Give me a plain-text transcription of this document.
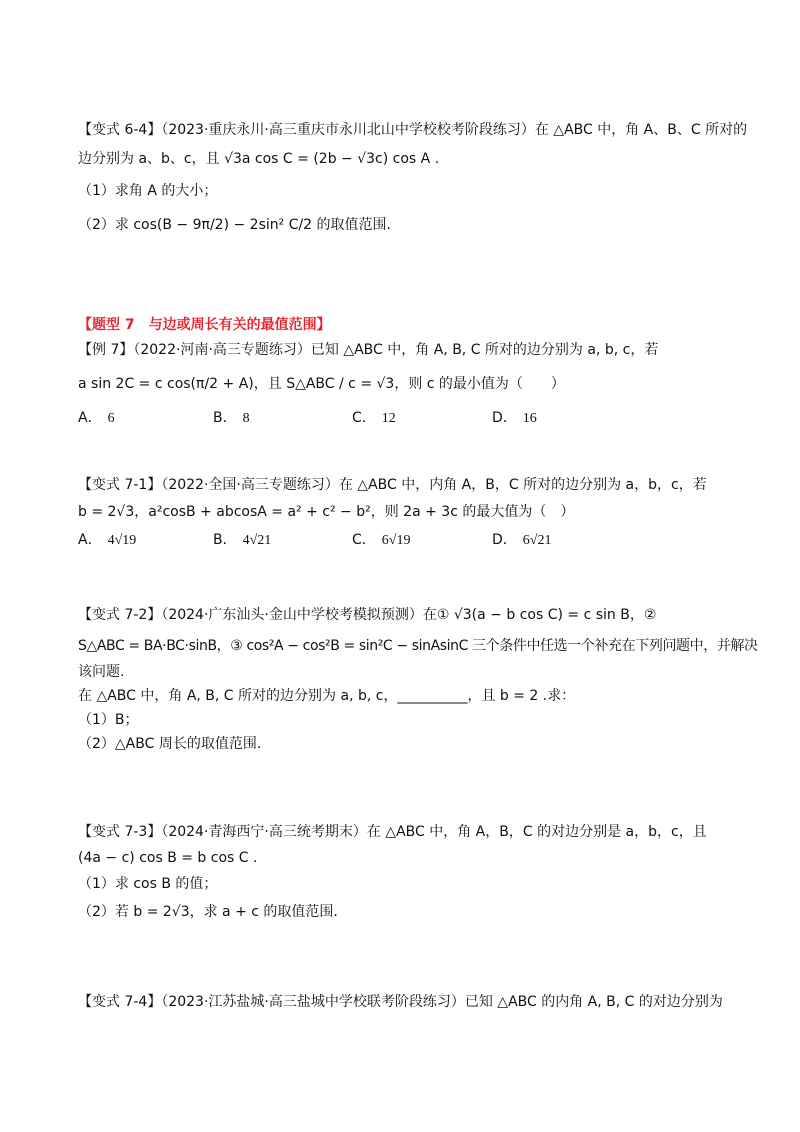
【变式 6-4】（2023·重庆永川·高三重庆市永川北山中学校校考阶段练习）在 △ABC 中，角 A、B、C 所对的
边分别为 a、b、c，且 √3a cos C = (2b − √3c) cos A .
（1）求角 A 的大小；
（2）求 cos(B − 9π/2) − 2sin² C/2 的取值范围.
【题型 7　与边或周长有关的最值范围】
【例 7】（2022·河南·高三专题练习）已知 △ABC 中，角 A, B, C 所对的边分别为 a, b, c，若
a sin 2C = c cos(π/2 + A)，且 S△ABC / c = √3，则 c 的最小值为（　　）
A． 6	B． 8	C． 12	D． 16
【变式 7-1】（2022·全国·高三专题练习）在 △ABC 中，内角 A，B，C 所对的边分别为 a，b，c，若
b = 2√3，a²cosB + abcosA = a² + c² − b²，则 2a + 3c 的最大值为（　）
A． 4√19	B． 4√21	C． 6√19	D． 6√21
【变式 7-2】（2024·广东汕头·金山中学校考模拟预测）在① √3(a − b cos C) = c sin B，②
S△ABC = BA·BC·sinB，③ cos²A − cos²B = sin²C − sinAsinC 三个条件中任选一个补充在下列问题中，并解决
该问题.
在 △ABC 中，角 A, B, C 所对的边分别为 a, b, c，__________，且 b = 2 .求：
（1）B；
（2）△ABC 周长的取值范围.
【变式 7-3】（2024·青海西宁·高三统考期末）在 △ABC 中，角 A，B，C 的对边分别是 a，b，c，且
(4a − c) cos B = b cos C .
（1）求 cos B 的值；
（2）若 b = 2√3，求 a + c 的取值范围.
【变式 7-4】（2023·江苏盐城·高三盐城中学校联考阶段练习）已知 △ABC 的内角 A, B, C 的对边分别为
